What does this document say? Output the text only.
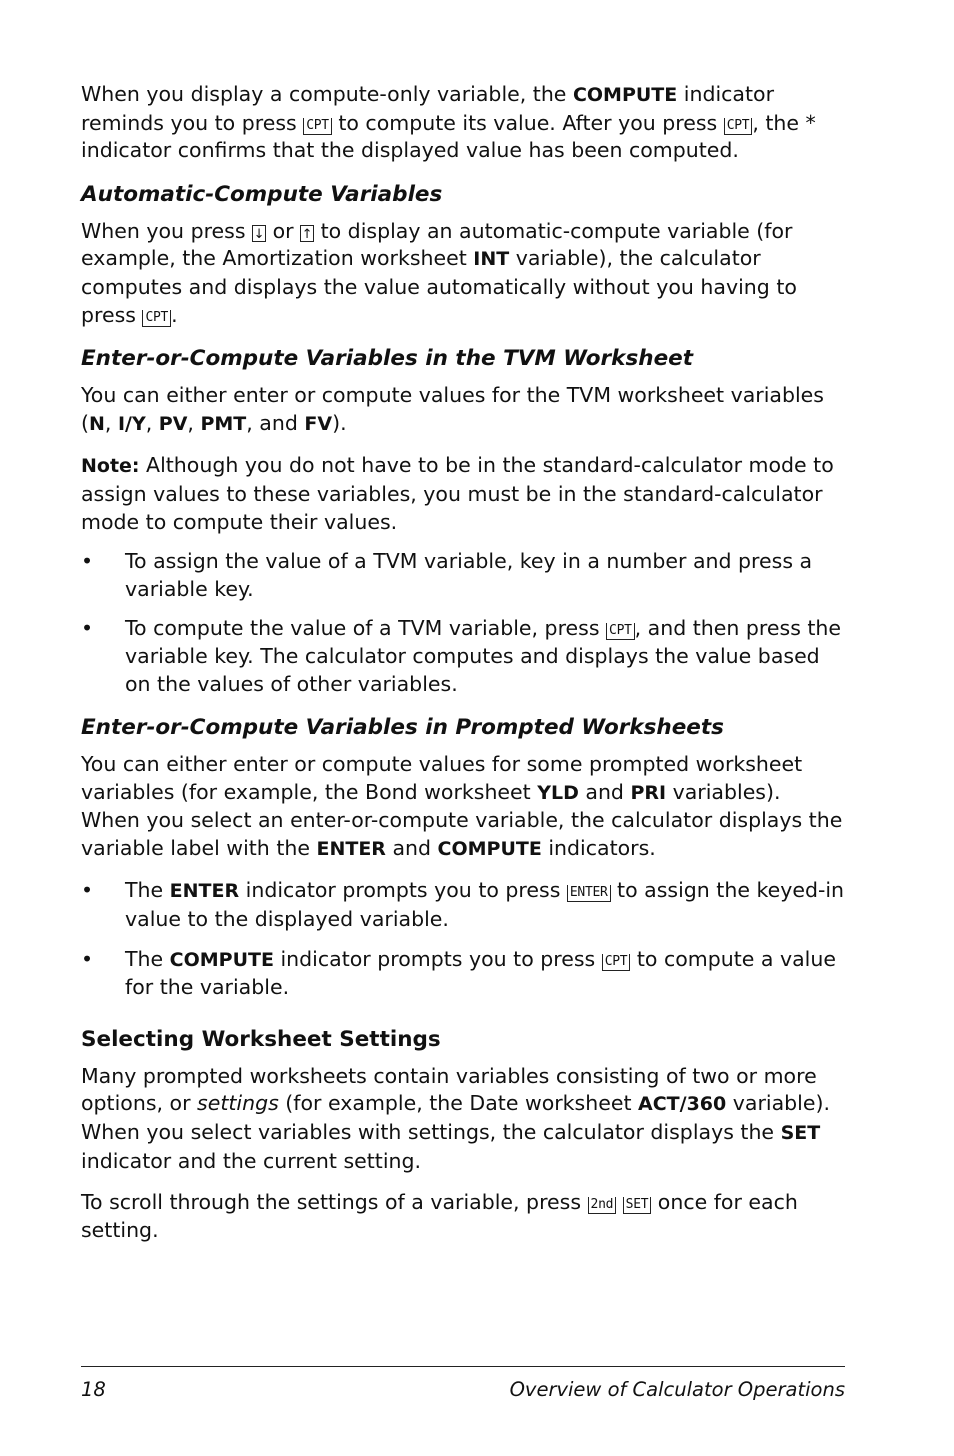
When you display a compute-only variable, the COMPUTE indicator reminds you to press CPT to compute its value. After you press CPT , the * indicator confirms that the displayed value has been computed.

Automatic-Compute Variables

When you press ↓ or ↑ to display an automatic-compute variable (for example, the Amortization worksheet INT variable), the calculator computes and displays the value automatically without you having to press CPT .

Enter-or-Compute Variables in the TVM Worksheet

You can either enter or compute values for the TVM worksheet variables (N, I/Y, PV, PMT, and FV).

Note: Although you do not have to be in the standard-calculator mode to assign values to these variables, you must be in the standard-calculator mode to compute their values.

• To assign the value of a TVM variable, key in a number and press a variable key.

• To compute the value of a TVM variable, press CPT , and then press the variable key. The calculator computes and displays the value based on the values of other variables.

Enter-or-Compute Variables in Prompted Worksheets

You can either enter or compute values for some prompted worksheet variables (for example, the Bond worksheet YLD and PRI variables). When you select an enter-or-compute variable, the calculator displays the variable label with the ENTER and COMPUTE indicators.

• The ENTER indicator prompts you to press ENTER to assign the keyed-in value to the displayed variable.

• The COMPUTE indicator prompts you to press CPT to compute a value for the variable.

Selecting Worksheet Settings

Many prompted worksheets contain variables consisting of two or more options, or settings (for example, the Date worksheet ACT/360 variable). When you select variables with settings, the calculator displays the SET indicator and the current setting.

To scroll through the settings of a variable, press 2nd SET once for each setting.

18	Overview of Calculator Operations
